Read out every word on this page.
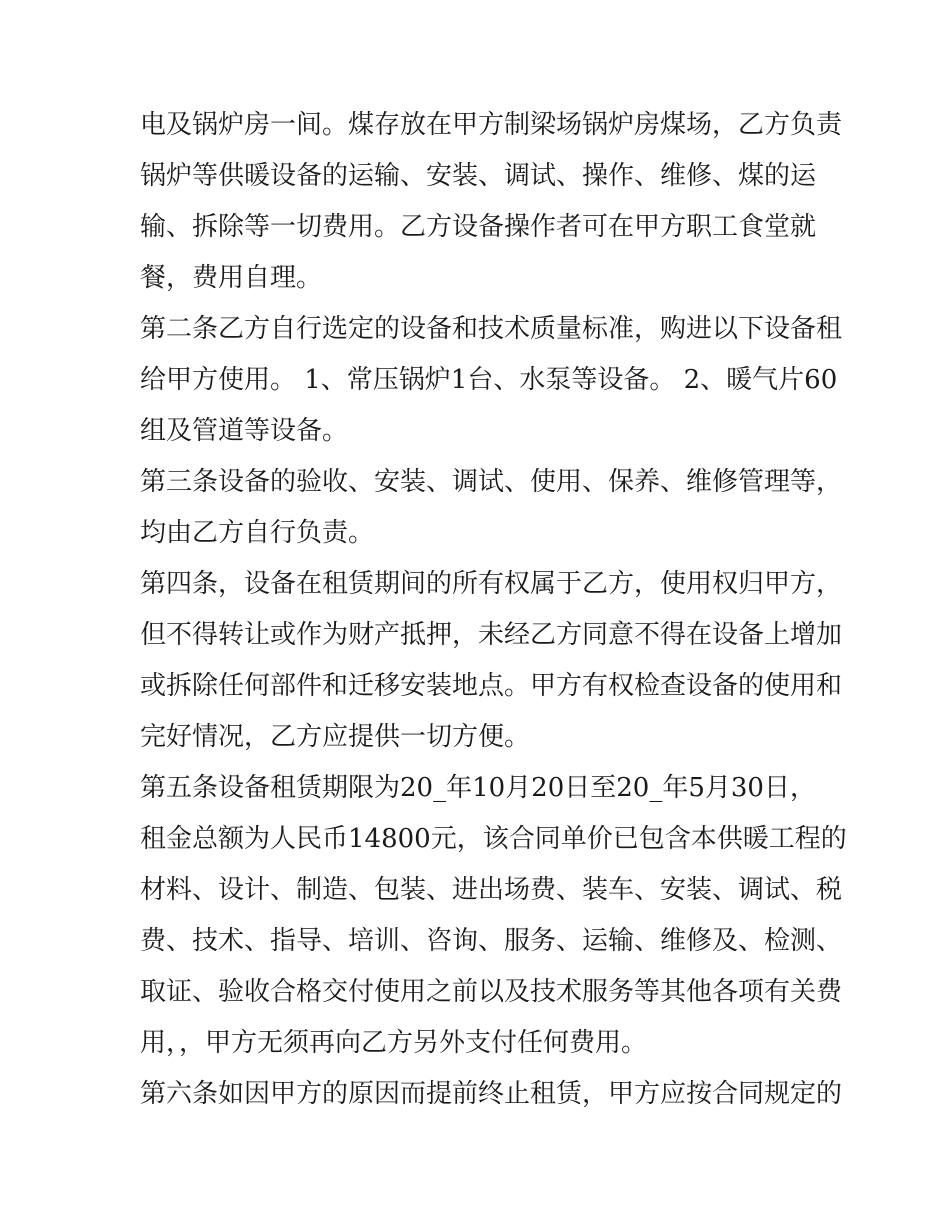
电及锅炉房一间。煤存放在甲方制梁场锅炉房煤场，乙方负责
锅炉等供暖设备的运输、安装、调试、操作、维修、煤的运
输、拆除等一切费用。乙方设备操作者可在甲方职工食堂就
餐，费用自理。
第二条乙方自行选定的设备和技术质量标准，购进以下设备租
给甲方使用。 1、常压锅炉1台、水泵等设备。 2、暖气片60
组及管道等设备。
第三条设备的验收、安装、调试、使用、保养、维修管理等，
均由乙方自行负责。
第四条，设备在租赁期间的所有权属于乙方，使用权归甲方，
但不得转让或作为财产抵押，未经乙方同意不得在设备上增加
或拆除任何部件和迁移安装地点。甲方有权检查设备的使用和
完好情况，乙方应提供一切方便。
第五条设备租赁期限为20_年10月20日至20_年5月30日，
租金总额为人民币14800元，该合同单价已包含本供暖工程的
材料、设计、制造、包装、进出场费、装车、安装、调试、税
费、技术、指导、培训、咨询、服务、运输、维修及、检测、
取证、验收合格交付使用之前以及技术服务等其他各项有关费
用，，甲方无须再向乙方另外支付任何费用。
第六条如因甲方的原因而提前终止租赁，甲方应按合同规定的
